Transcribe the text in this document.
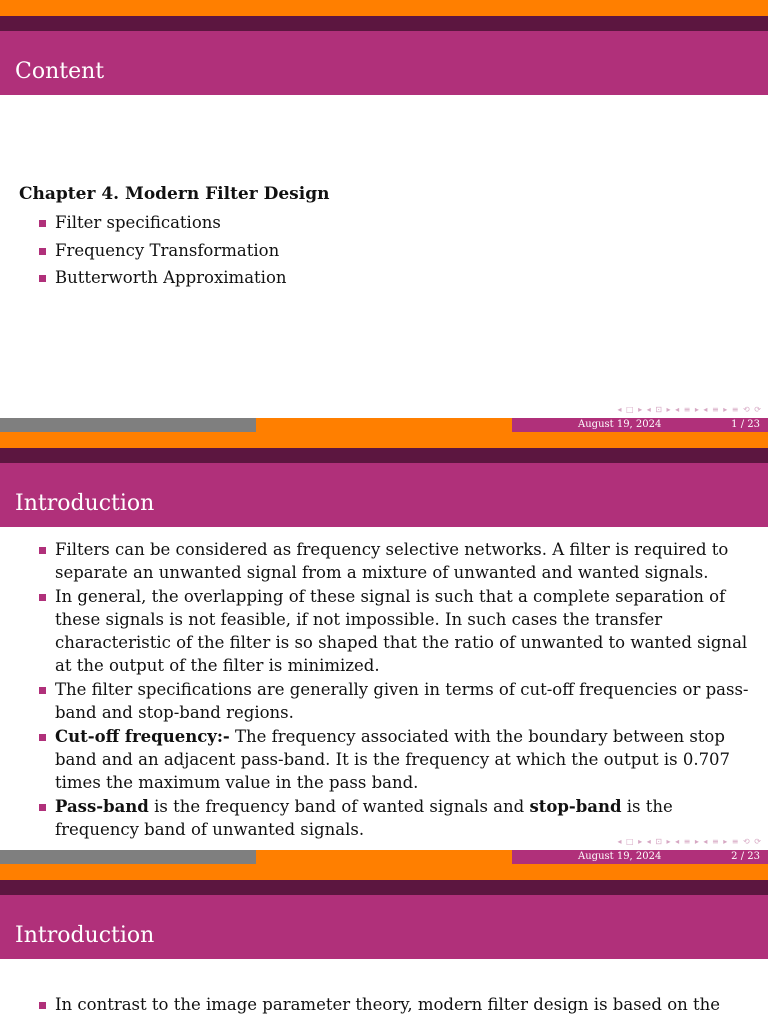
Content
Chapter 4. Modern Filter Design
Filter specifications
Frequency Transformation
Butterworth Approximation
◂ □ ▸ ◂ ⊡ ▸ ◂ ≡ ▸ ◂ ≡ ▸ ≡ ⟲ ⟳
August 19, 2024	1 / 23
Introduction
Filters can be considered as frequency selective networks. A filter is required to separate an unwanted signal from a mixture of unwanted and wanted signals.
In general, the overlapping of these signal is such that a complete separation of these signals is not feasible, if not impossible. In such cases the transfer characteristic of the filter is so shaped that the ratio of unwanted to wanted signal at the output of the filter is minimized.
The filter specifications are generally given in terms of cut-off frequencies or pass-band and stop-band regions.
Cut-off frequency:- The frequency associated with the boundary between stop band and an adjacent pass-band. It is the frequency at which the output is 0.707 times the maximum value in the pass band.
Pass-band is the frequency band of wanted signals and stop-band is the frequency band of unwanted signals.
◂ □ ▸ ◂ ⊡ ▸ ◂ ≡ ▸ ◂ ≡ ▸ ≡ ⟲ ⟳
August 19, 2024	2 / 23
Introduction
In contrast to the image parameter theory, modern filter design is based on the
